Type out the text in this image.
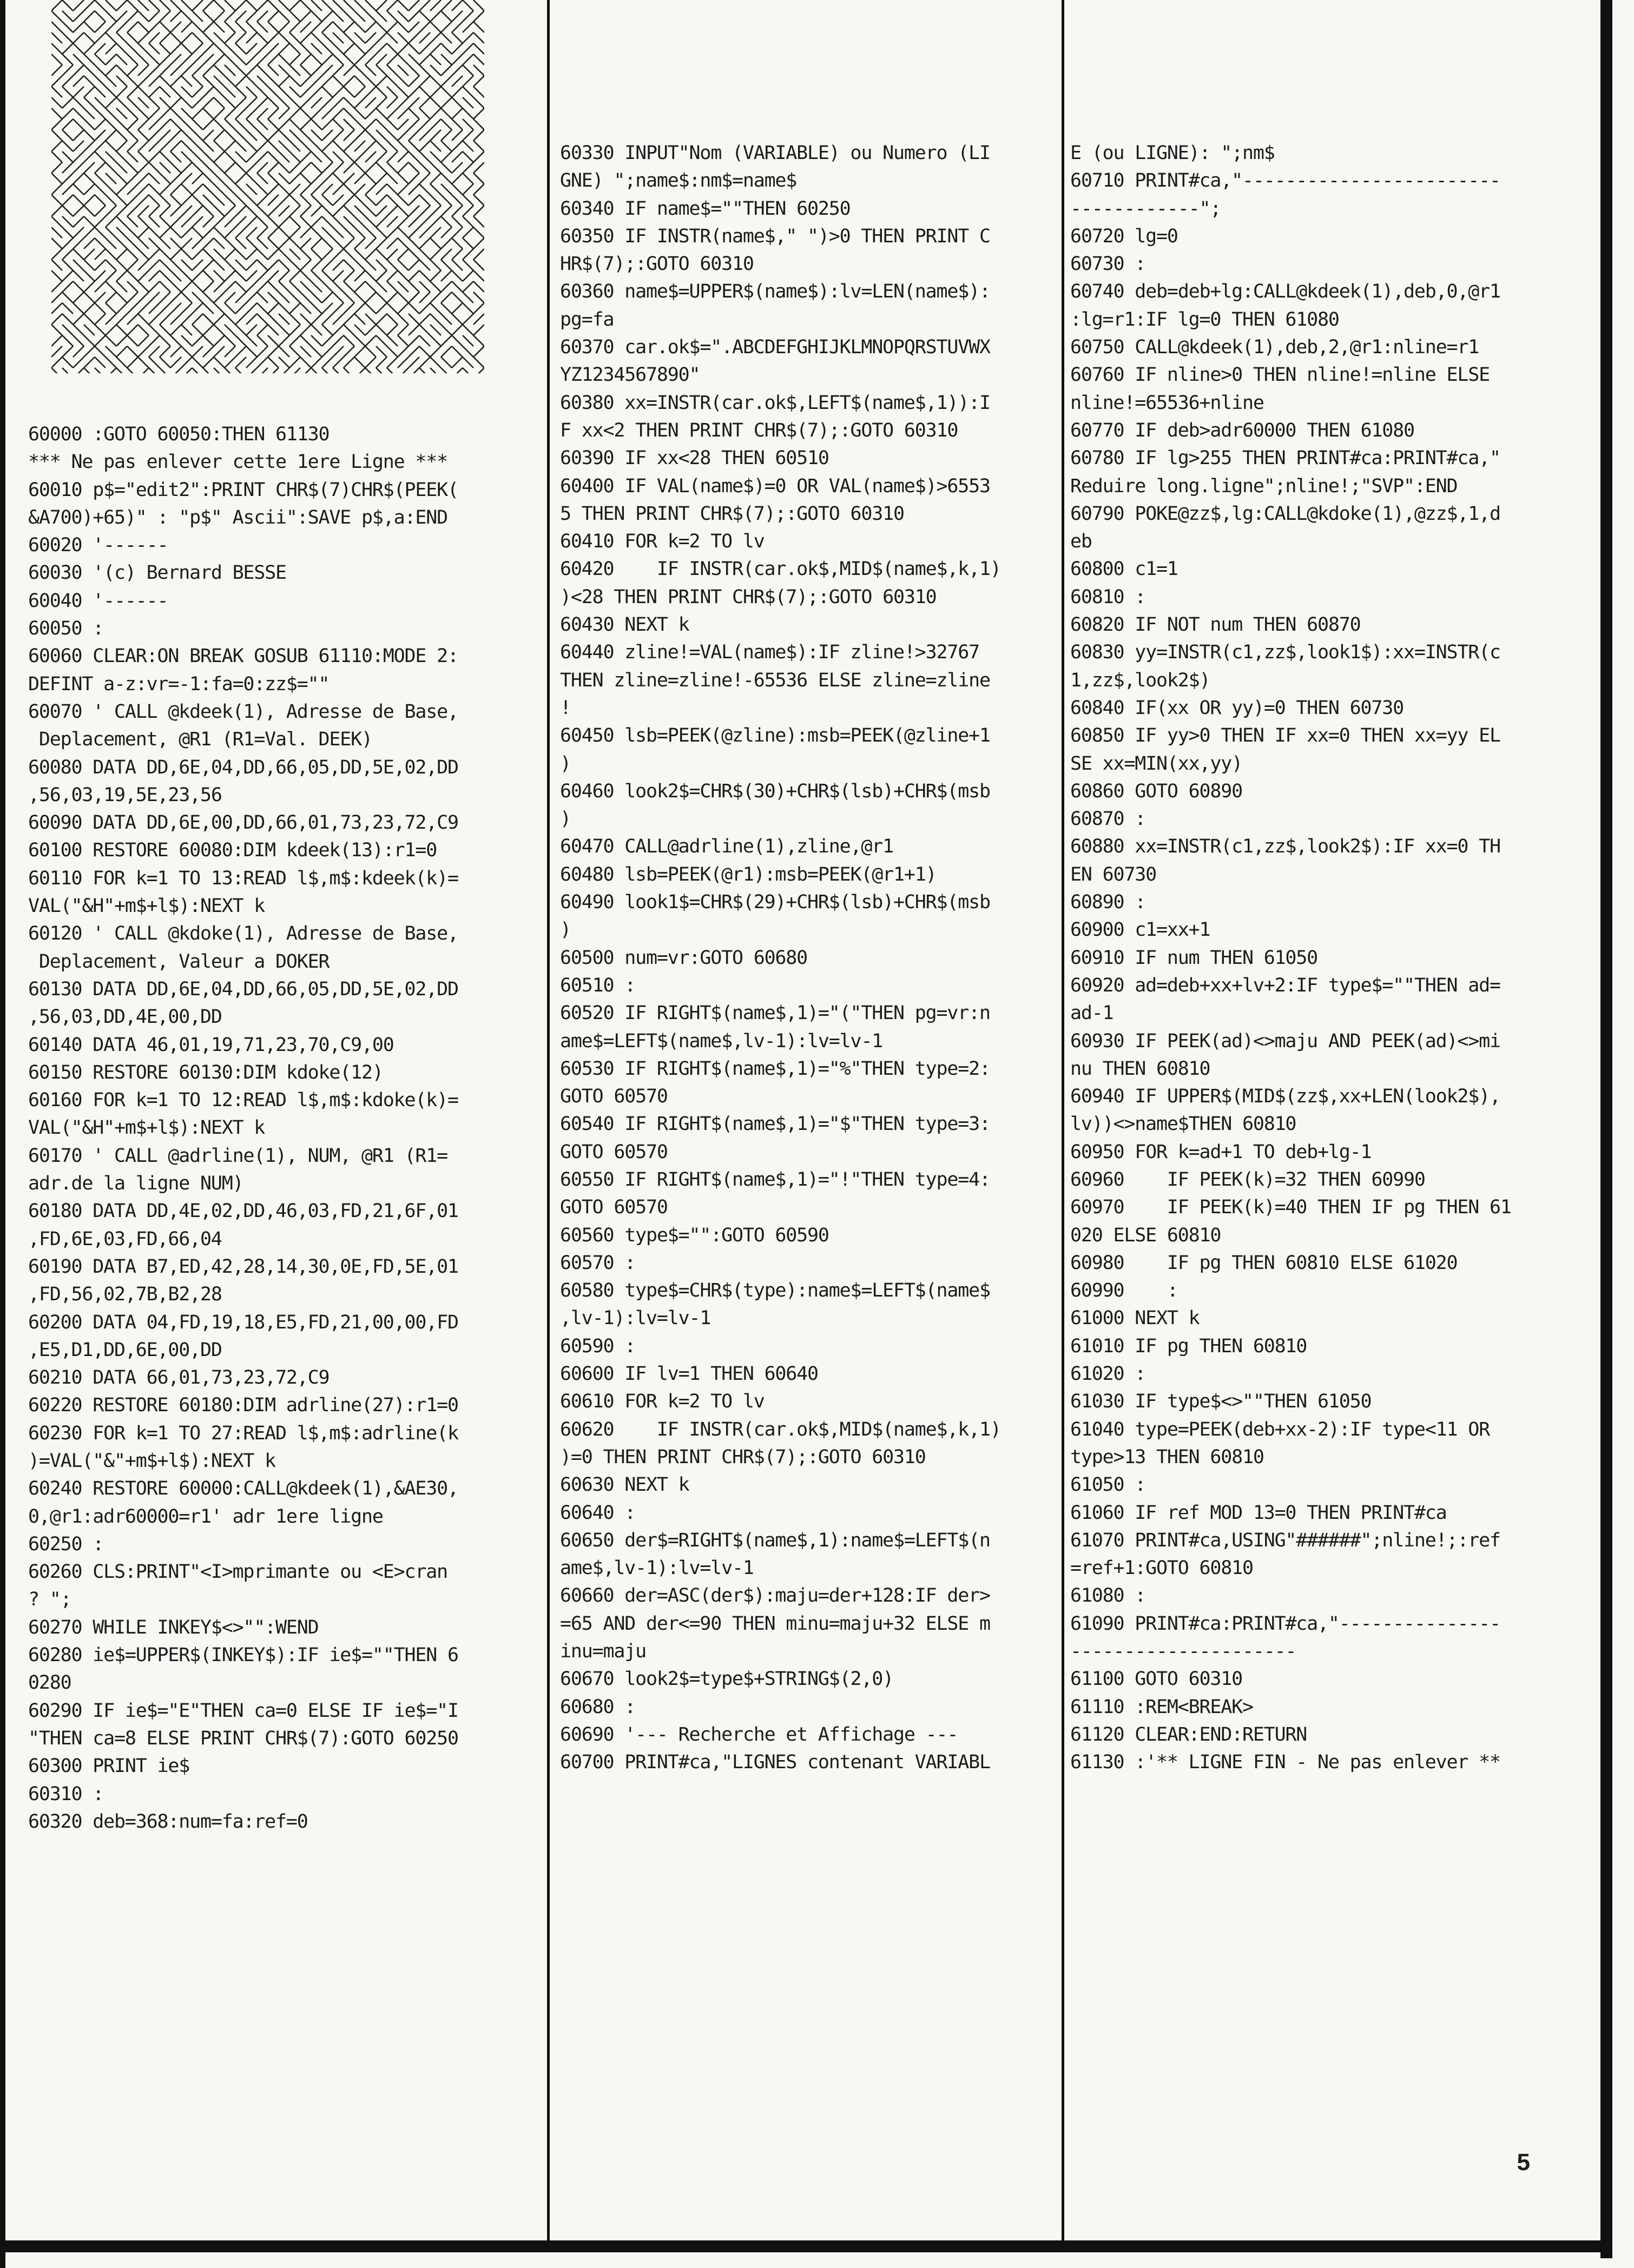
60000 :GOTO 60050:THEN 61130
*** Ne pas enlever cette 1ere Ligne ***
60010 p$="edit2":PRINT CHR$(7)CHR$(PEEK(
&A700)+65)" : "p$" Ascii":SAVE p$,a:END
60020 '------
60030 '(c) Bernard BESSE
60040 '------
60050 :
60060 CLEAR:ON BREAK GOSUB 61110:MODE 2:
DEFINT a-z:vr=-1:fa=0:zz$=""
60070 ' CALL @kdeek(1), Adresse de Base,
Deplacement, @R1 (R1=Val. DEEK)
60080 DATA DD,6E,04,DD,66,05,DD,5E,02,DD
,56,03,19,5E,23,56
60090 DATA DD,6E,00,DD,66,01,73,23,72,C9
60100 RESTORE 60080:DIM kdeek(13):r1=0
60110 FOR k=1 TO 13:READ l$,m$:kdeek(k)=
VAL("&H"+m$+l$):NEXT k
60120 ' CALL @kdoke(1), Adresse de Base,
Deplacement, Valeur a DOKER
60130 DATA DD,6E,04,DD,66,05,DD,5E,02,DD
,56,03,DD,4E,00,DD
60140 DATA 46,01,19,71,23,70,C9,00
60150 RESTORE 60130:DIM kdoke(12)
60160 FOR k=1 TO 12:READ l$,m$:kdoke(k)=
VAL("&H"+m$+l$):NEXT k
60170 ' CALL @adrline(1), NUM, @R1 (R1=
adr.de la ligne NUM)
60180 DATA DD,4E,02,DD,46,03,FD,21,6F,01
,FD,6E,03,FD,66,04
60190 DATA B7,ED,42,28,14,30,0E,FD,5E,01
,FD,56,02,7B,B2,28
60200 DATA 04,FD,19,18,E5,FD,21,00,00,FD
,E5,D1,DD,6E,00,DD
60210 DATA 66,01,73,23,72,C9
60220 RESTORE 60180:DIM adrline(27):r1=0
60230 FOR k=1 TO 27:READ l$,m$:adrline(k
)=VAL("&"+m$+l$):NEXT k
60240 RESTORE 60000:CALL@kdeek(1),&AE30,
0,@r1:adr60000=r1' adr 1ere ligne
60250 :
60260 CLS:PRINT"<I>mprimante ou <E>cran
? ";
60270 WHILE INKEY$<>"":WEND
60280 ie$=UPPER$(INKEY$):IF ie$=""THEN 6
0280
60290 IF ie$="E"THEN ca=0 ELSE IF ie$="I
"THEN ca=8 ELSE PRINT CHR$(7):GOTO 60250
60300 PRINT ie$
60310 :
60320 deb=368:num=fa:ref=0
60330 INPUT"Nom (VARIABLE) ou Numero (LI
GNE) ";name$:nm$=name$
60340 IF name$=""THEN 60250
60350 IF INSTR(name$," ")>0 THEN PRINT C
HR$(7);:GOTO 60310
60360 name$=UPPER$(name$):lv=LEN(name$):
pg=fa
60370 car.ok$=".ABCDEFGHIJKLMNOPQRSTUVWX
YZ1234567890"
60380 xx=INSTR(car.ok$,LEFT$(name$,1)):I
F xx<2 THEN PRINT CHR$(7);:GOTO 60310
60390 IF xx<28 THEN 60510
60400 IF VAL(name$)=0 OR VAL(name$)>6553
5 THEN PRINT CHR$(7);:GOTO 60310
60410 FOR k=2 TO lv
60420    IF INSTR(car.ok$,MID$(name$,k,1)
)<28 THEN PRINT CHR$(7);:GOTO 60310
60430 NEXT k
60440 zline!=VAL(name$):IF zline!>32767
THEN zline=zline!-65536 ELSE zline=zline
!
60450 lsb=PEEK(@zline):msb=PEEK(@zline+1
)
60460 look2$=CHR$(30)+CHR$(lsb)+CHR$(msb
)
60470 CALL@adrline(1),zline,@r1
60480 lsb=PEEK(@r1):msb=PEEK(@r1+1)
60490 look1$=CHR$(29)+CHR$(lsb)+CHR$(msb
)
60500 num=vr:GOTO 60680
60510 :
60520 IF RIGHT$(name$,1)="("THEN pg=vr:n
ame$=LEFT$(name$,lv-1):lv=lv-1
60530 IF RIGHT$(name$,1)="%"THEN type=2:
GOTO 60570
60540 IF RIGHT$(name$,1)="$"THEN type=3:
GOTO 60570
60550 IF RIGHT$(name$,1)="!"THEN type=4:
GOTO 60570
60560 type$="":GOTO 60590
60570 :
60580 type$=CHR$(type):name$=LEFT$(name$
,lv-1):lv=lv-1
60590 :
60600 IF lv=1 THEN 60640
60610 FOR k=2 TO lv
60620    IF INSTR(car.ok$,MID$(name$,k,1)
)=0 THEN PRINT CHR$(7);:GOTO 60310
60630 NEXT k
60640 :
60650 der$=RIGHT$(name$,1):name$=LEFT$(n
ame$,lv-1):lv=lv-1
60660 der=ASC(der$):maju=der+128:IF der>
=65 AND der<=90 THEN minu=maju+32 ELSE m
inu=maju
60670 look2$=type$+STRING$(2,0)
60680 :
60690 '--- Recherche et Affichage ---
60700 PRINT#ca,"LIGNES contenant VARIABL
E (ou LIGNE): ";nm$
60710 PRINT#ca,"------------------------
------------";
60720 lg=0
60730 :
60740 deb=deb+lg:CALL@kdeek(1),deb,0,@r1
:lg=r1:IF lg=0 THEN 61080
60750 CALL@kdeek(1),deb,2,@r1:nline=r1
60760 IF nline>0 THEN nline!=nline ELSE
nline!=65536+nline
60770 IF deb>adr60000 THEN 61080
60780 IF lg>255 THEN PRINT#ca:PRINT#ca,"
Reduire long.ligne";nline!;"SVP":END
60790 POKE@zz$,lg:CALL@kdoke(1),@zz$,1,d
eb
60800 c1=1
60810 :
60820 IF NOT num THEN 60870
60830 yy=INSTR(c1,zz$,look1$):xx=INSTR(c
1,zz$,look2$)
60840 IF(xx OR yy)=0 THEN 60730
60850 IF yy>0 THEN IF xx=0 THEN xx=yy EL
SE xx=MIN(xx,yy)
60860 GOTO 60890
60870 :
60880 xx=INSTR(c1,zz$,look2$):IF xx=0 TH
EN 60730
60890 :
60900 c1=xx+1
60910 IF num THEN 61050
60920 ad=deb+xx+lv+2:IF type$=""THEN ad=
ad-1
60930 IF PEEK(ad)<>maju AND PEEK(ad)<>mi
nu THEN 60810
60940 IF UPPER$(MID$(zz$,xx+LEN(look2$),
lv))<>name$THEN 60810
60950 FOR k=ad+1 TO deb+lg-1
60960    IF PEEK(k)=32 THEN 60990
60970    IF PEEK(k)=40 THEN IF pg THEN 61
020 ELSE 60810
60980    IF pg THEN 60810 ELSE 61020
60990    :
61000 NEXT k
61010 IF pg THEN 60810
61020 :
61030 IF type$<>""THEN 61050
61040 type=PEEK(deb+xx-2):IF type<11 OR
type>13 THEN 60810
61050 :
61060 IF ref MOD 13=0 THEN PRINT#ca
61070 PRINT#ca,USING"######";nline!;:ref
=ref+1:GOTO 60810
61080 :
61090 PRINT#ca:PRINT#ca,"---------------
---------------------
61100 GOTO 60310
61110 :REM<BREAK>
61120 CLEAR:END:RETURN
61130 :'** LIGNE FIN - Ne pas enlever **
5
